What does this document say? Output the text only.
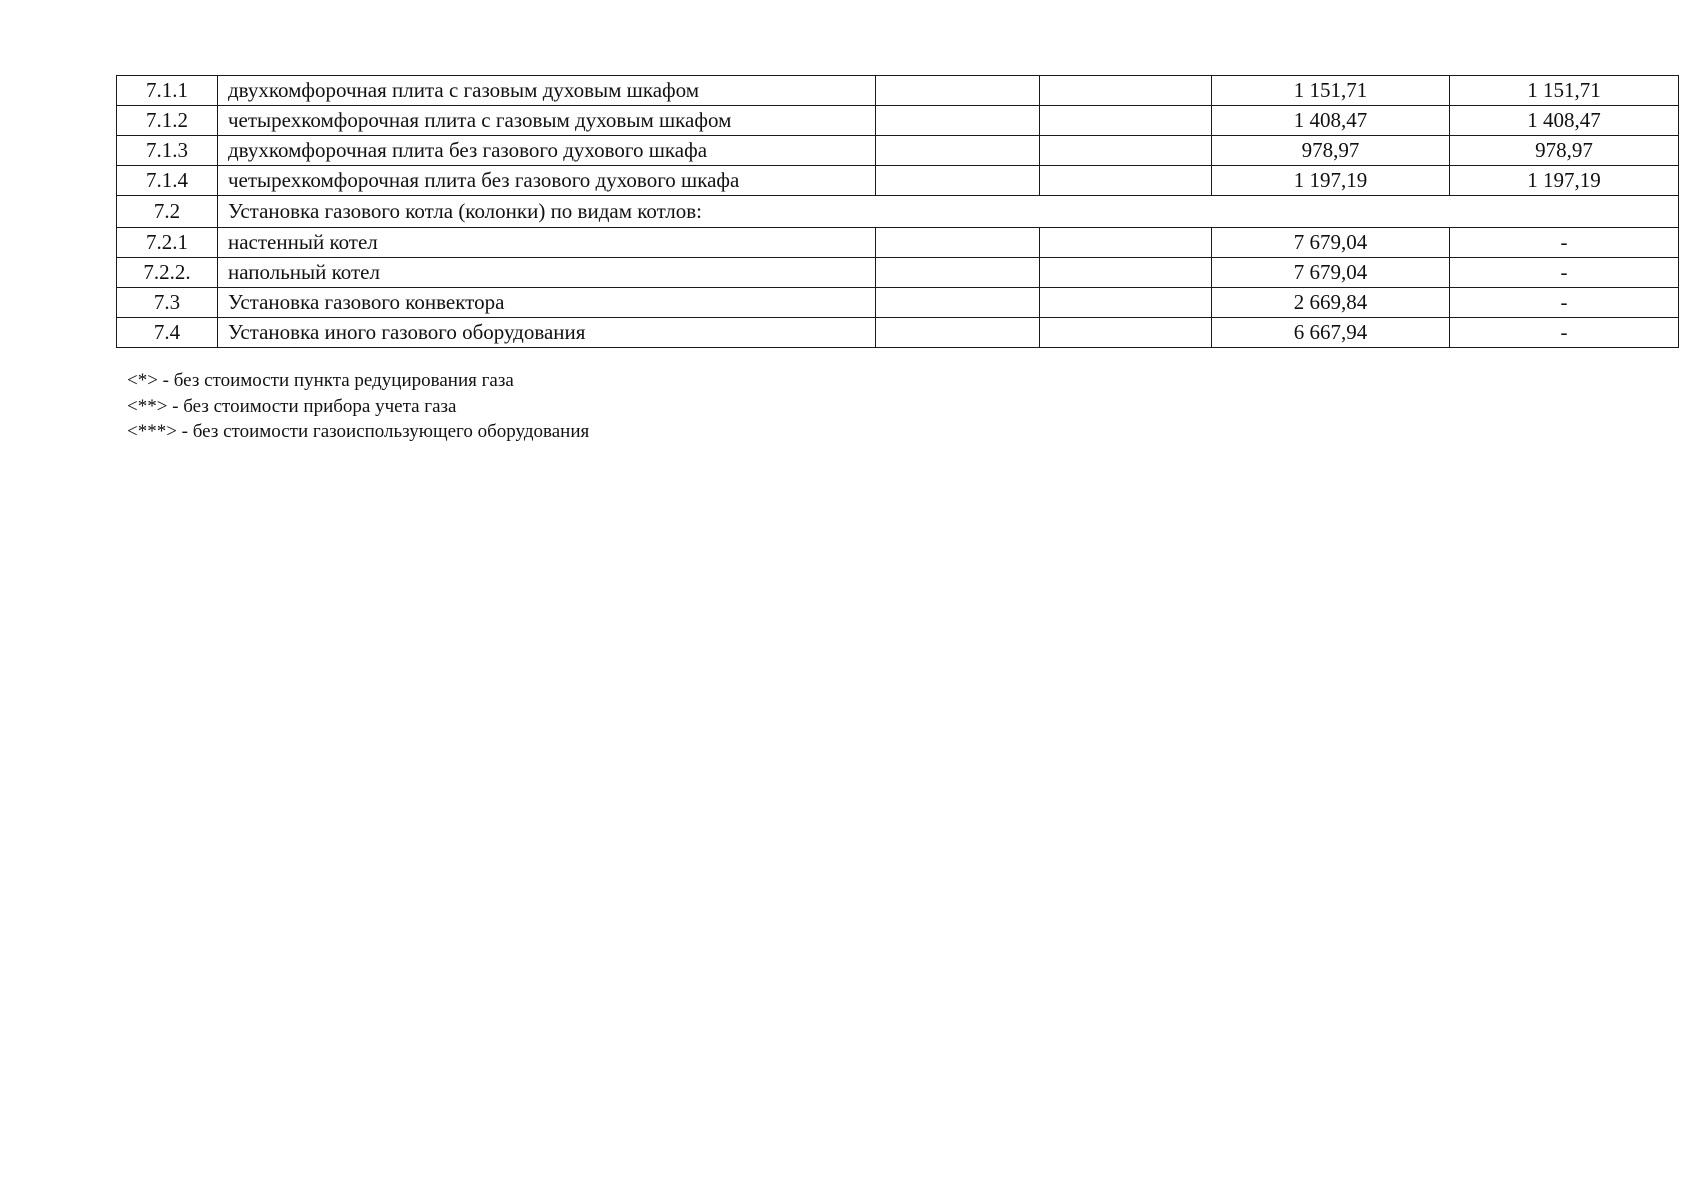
7.1.1	двухкомфорочная плита с газовым духовым шкафом			1 151,71	1 151,71
7.1.2	четырехкомфорочная плита с газовым духовым шкафом			1 408,47	1 408,47
7.1.3	двухкомфорочная плита без газового духового шкафа			978,97	978,97
7.1.4	четырехкомфорочная плита без газового духового шкафа			1 197,19	1 197,19
7.2	Установка газового котла (колонки) по видам котлов:				
7.2.1	настенный котел			7 679,04	-
7.2.2.	напольный котел			7 679,04	-
7.3	Установка газового конвектора			2 669,84	-
7.4	Установка иного газового оборудования			6 667,94	-
<*> - без стоимости пункта редуцирования газа
<**> - без стоимости прибора учета газа
<***> - без стоимости газоиспользующего оборудования
